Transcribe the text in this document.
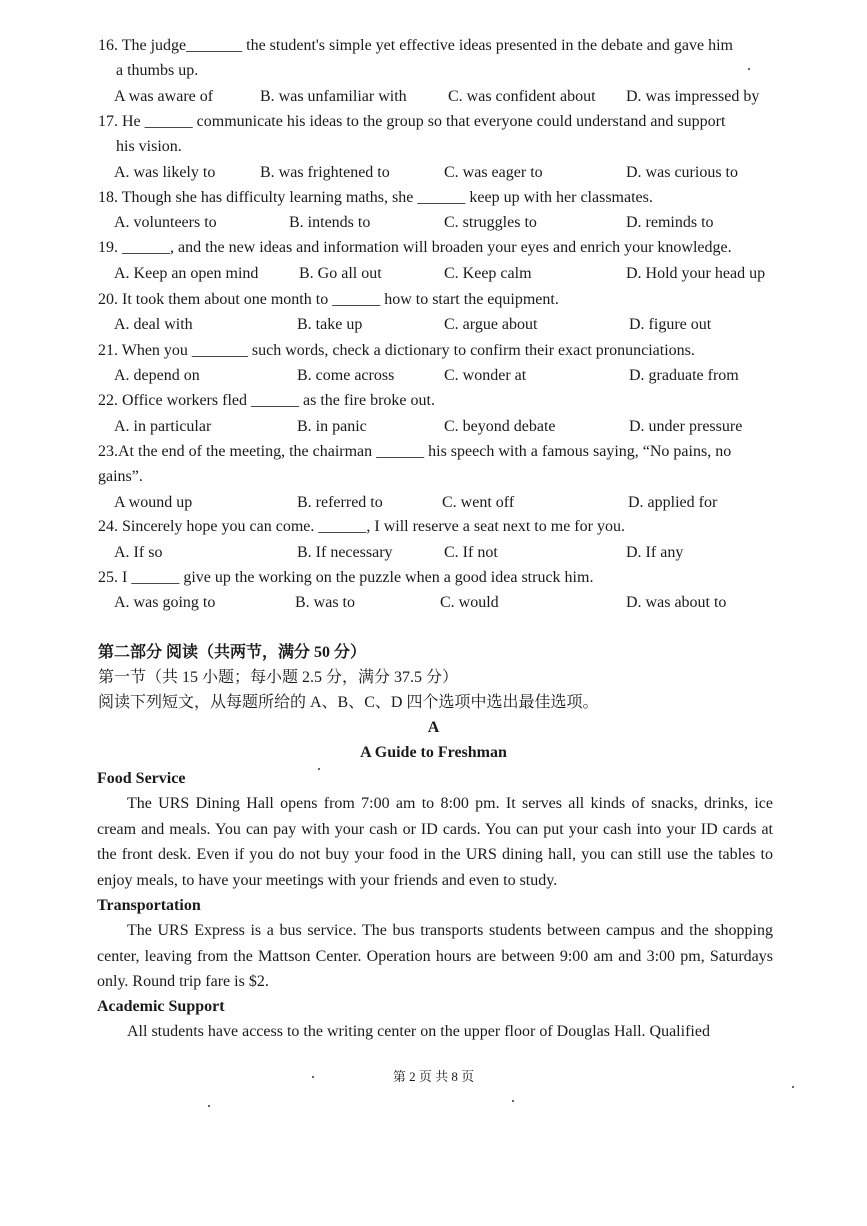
16. The judge_______ the student's simple yet effective ideas presented in the debate and gave him
a thumbs up.
A was aware of	B. was unfamiliar with	C. was confident about D. was impressed by
17. He ______ communicate his ideas to the group so that everyone could understand and support
his vision.
A. was likely to	B. was frightened to	C. was eager to	D. was curious to
18. Though she has difficulty learning maths, she ______ keep up with her classmates.
A. volunteers to	B. intends to	C. struggles to	D. reminds to
19. ______, and the new ideas and information will broaden your eyes and enrich your knowledge.
A. Keep an open mind	B. Go all out	C. Keep calm	D. Hold your head up
20. It took them about one month to ______ how to start the equipment.
A. deal with	B. take up	C. argue about	D. figure out
21. When you _______ such words, check a dictionary to confirm their exact pronunciations.
A. depend on	B. come across	C. wonder at	D. graduate from
22. Office workers fled ______ as the fire broke out.
A. in particular	B. in panic	C. beyond debate	D. under pressure
23.At the end of the meeting, the chairman ______ his speech with a famous saying, “No pains, no
gains”.
A wound up	B. referred to	C. went off	D. applied for
24. Sincerely hope you can come. ______, I will reserve a seat next to me for you.
A. If so	B. If necessary	C. If not	D. If any
25. I ______ give up the working on the puzzle when a good idea struck him.
A. was going to	B. was to	C. would	D. was about to
第二部分 阅读（共两节，满分 50 分）
第一节（共 15 小题；每小题 2.5 分，满分 37.5 分）
阅读下列短文，从每题所给的 A、B、C、D 四个选项中选出最佳选项。
A
A Guide to Freshman
Food Service
The URS Dining Hall opens from 7:00 am to 8:00 pm. It serves all kinds of snacks, drinks, ice cream and meals. You can pay with your cash or ID cards. You can put your cash into your ID cards at the front desk. Even if you do not buy your food in the URS dining hall, you can still use the tables to enjoy meals, to have your meetings with your friends and even to study.
Transportation
The URS Express is a bus service. The bus transports students between campus and the shopping center, leaving from the Mattson Center. Operation hours are between 9:00 am and 3:00 pm, Saturdays only. Round trip fare is $2.
Academic Support
All students have access to the writing center on the upper floor of Douglas Hall. Qualified
第 2 页 共 8 页
